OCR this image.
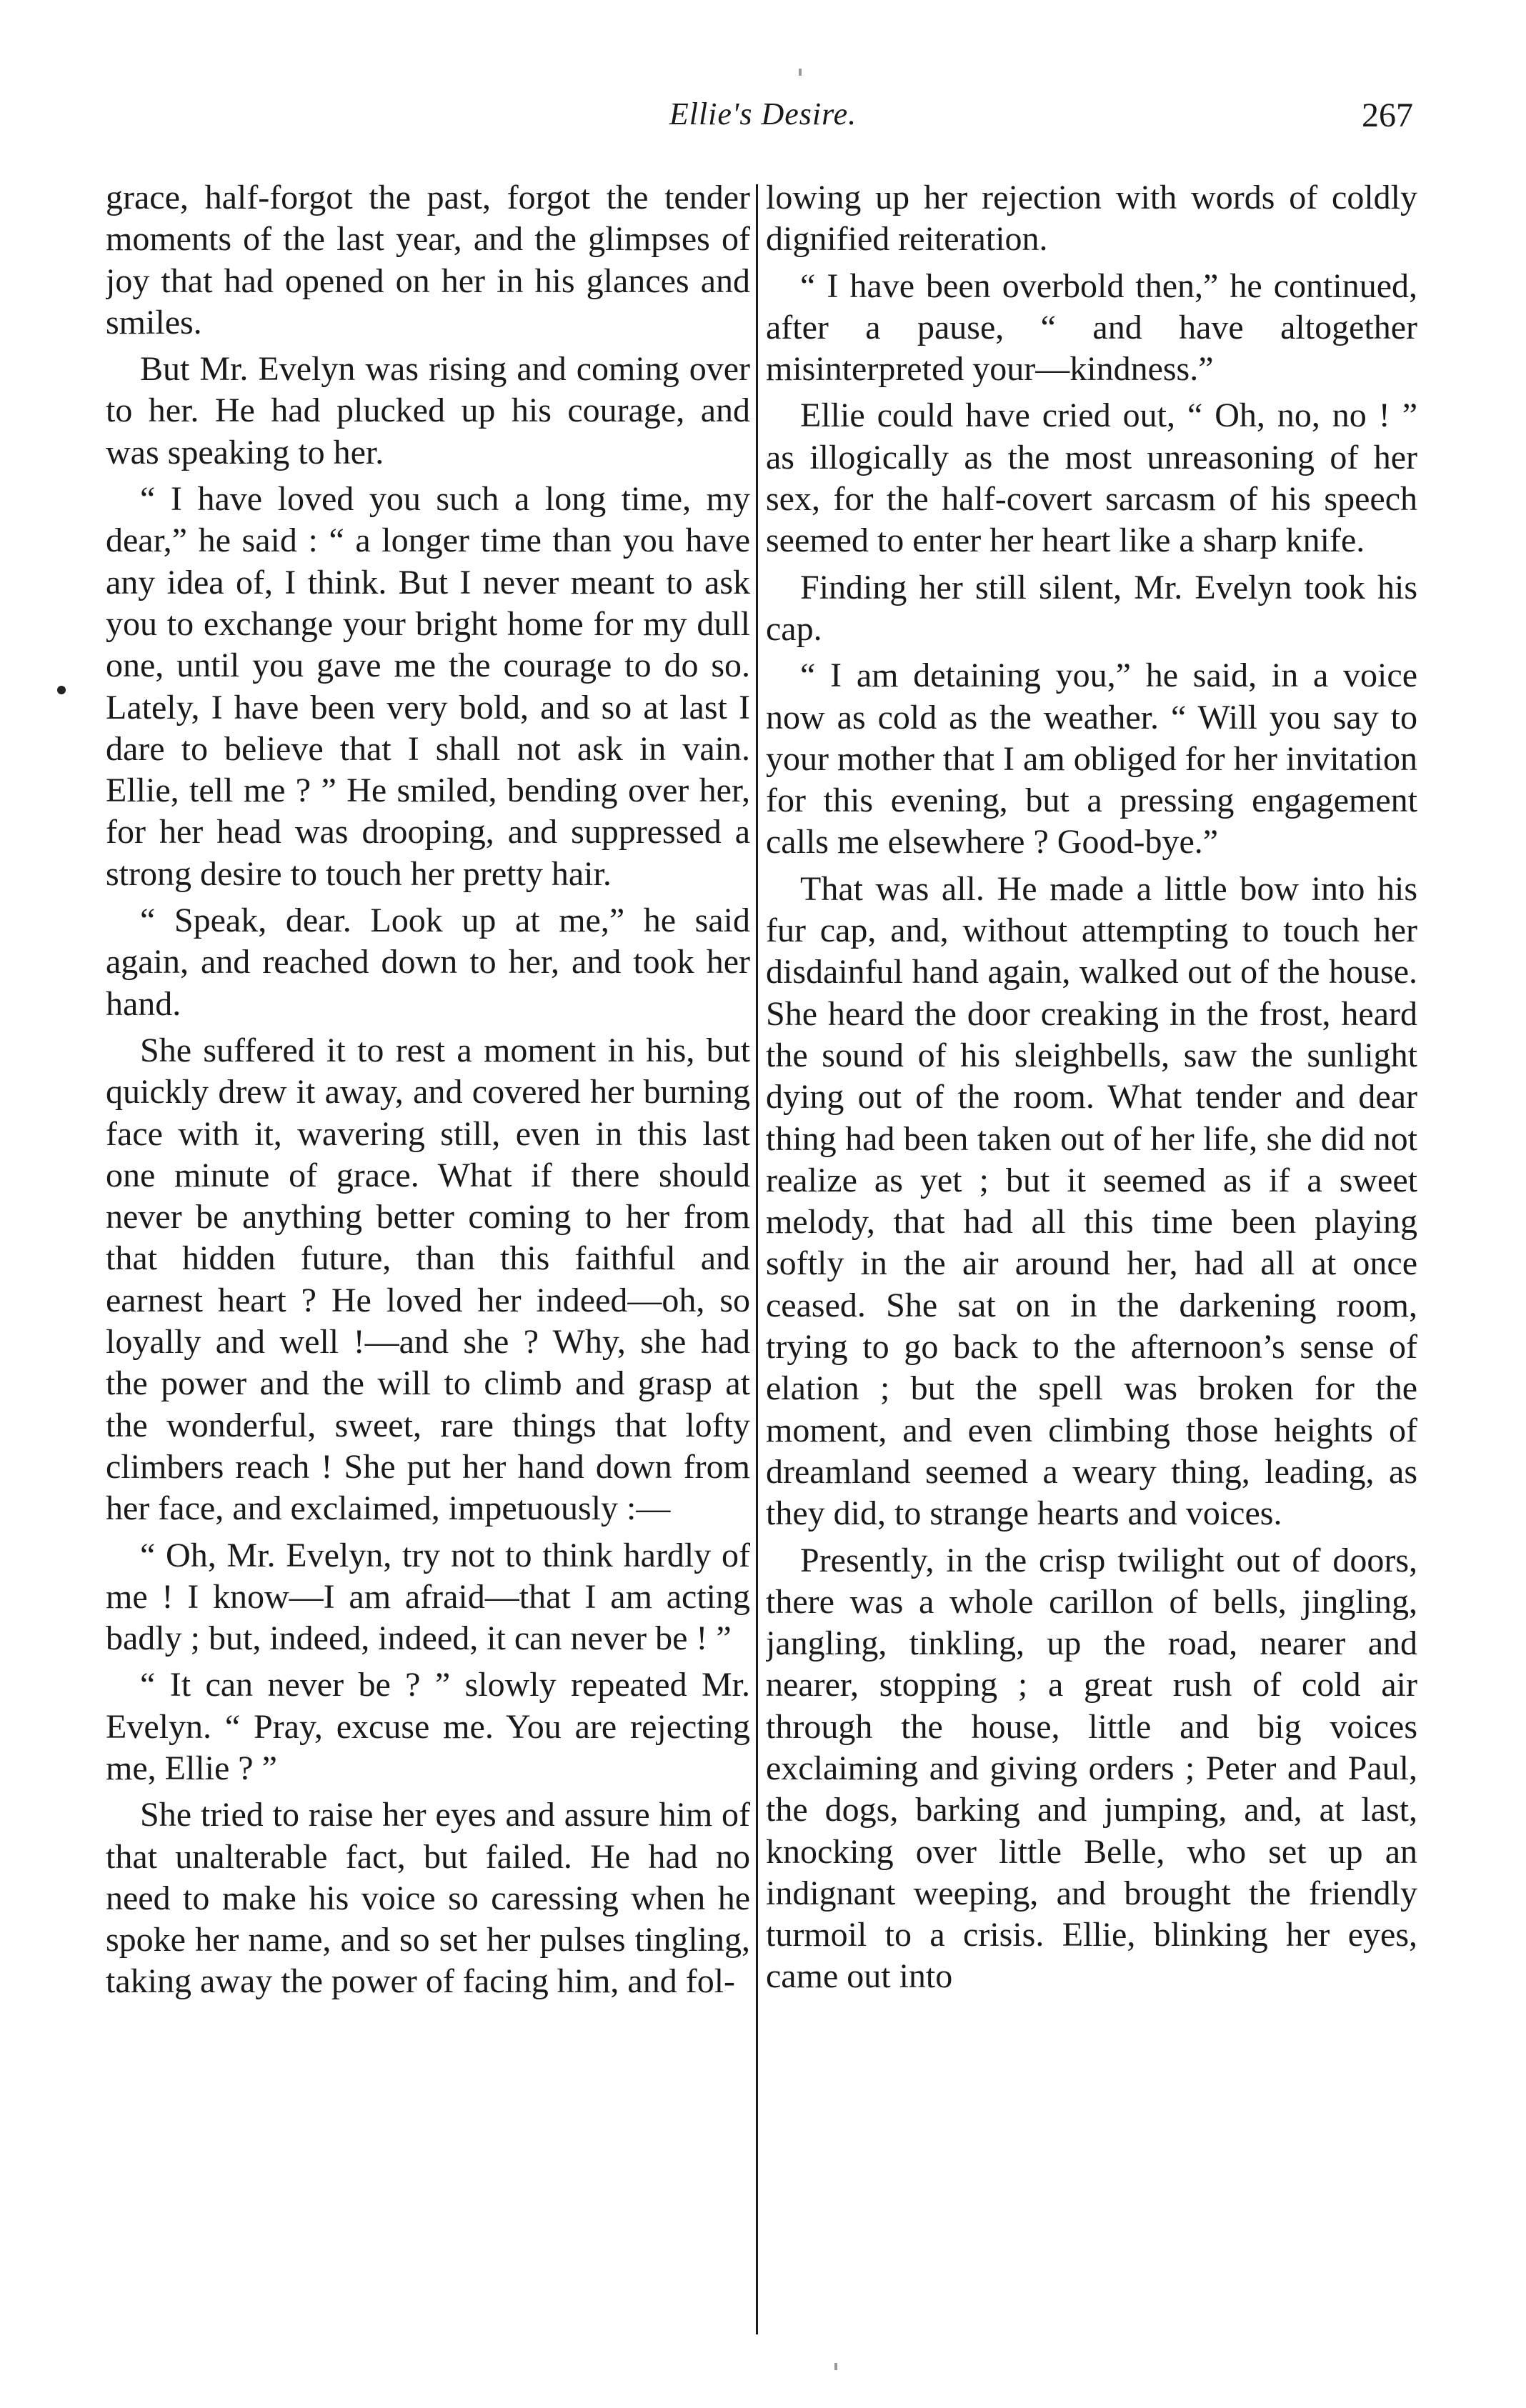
Ellie's Desire.	267

grace, half-forgot the past, forgot the tender moments of the last year, and the glimpses of joy that had opened on her in his glances and smiles.

But Mr. Evelyn was rising and coming over to her. He had plucked up his courage, and was speaking to her.

“ I have loved you such a long time, my dear,” he said : “ a longer time than you have any idea of, I think. But I never meant to ask you to exchange your bright home for my dull one, until you gave me the courage to do so. Lately, I have been very bold, and so at last I dare to believe that I shall not ask in vain. Ellie, tell me ? ” He smiled, bending over her, for her head was drooping, and suppressed a strong desire to touch her pretty hair.

“ Speak, dear. Look up at me,” he said again, and reached down to her, and took her hand.

She suffered it to rest a moment in his, but quickly drew it away, and covered her burning face with it, wavering still, even in this last one minute of grace. What if there should never be anything better coming to her from that hidden future, than this faithful and earnest heart ? He loved her indeed—oh, so loyally and well !—and she ? Why, she had the power and the will to climb and grasp at the wonderful, sweet, rare things that lofty climbers reach ! She put her hand down from her face, and exclaimed, impetuously :—

“ Oh, Mr. Evelyn, try not to think hardly of me ! I know—I am afraid—that I am acting badly ; but, indeed, indeed, it can never be ! ”

“ It can never be ? ” slowly repeated Mr. Evelyn. “ Pray, excuse me. You are rejecting me, Ellie ? ”

She tried to raise her eyes and assure him of that unalterable fact, but failed. He had no need to make his voice so caressing when he spoke her name, and so set her pulses tingling, taking away the power of facing him, and fol-

lowing up her rejection with words of coldly dignified reiteration.

“ I have been overbold then,” he continued, after a pause, “ and have altogether misinterpreted your—kindness.”

Ellie could have cried out, “ Oh, no, no ! ” as illogically as the most unreasoning of her sex, for the half-covert sarcasm of his speech seemed to enter her heart like a sharp knife.

Finding her still silent, Mr. Evelyn took his cap.

“ I am detaining you,” he said, in a voice now as cold as the weather. “ Will you say to your mother that I am obliged for her invitation for this evening, but a pressing engagement calls me elsewhere ? Good-bye.”

That was all. He made a little bow into his fur cap, and, without attempting to touch her disdainful hand again, walked out of the house. She heard the door creaking in the frost, heard the sound of his sleighbells, saw the sunlight dying out of the room. What tender and dear thing had been taken out of her life, she did not realize as yet ; but it seemed as if a sweet melody, that had all this time been playing softly in the air around her, had all at once ceased. She sat on in the darkening room, trying to go back to the afternoon’s sense of elation ; but the spell was broken for the moment, and even climbing those heights of dreamland seemed a weary thing, leading, as they did, to strange hearts and voices.

Presently, in the crisp twilight out of doors, there was a whole carillon of bells, jingling, jangling, tinkling, up the road, nearer and nearer, stopping ; a great rush of cold air through the house, little and big voices exclaiming and giving orders ; Peter and Paul, the dogs, barking and jumping, and, at last, knocking over little Belle, who set up an indignant weeping, and brought the friendly turmoil to a crisis. Ellie, blinking her eyes, came out into
